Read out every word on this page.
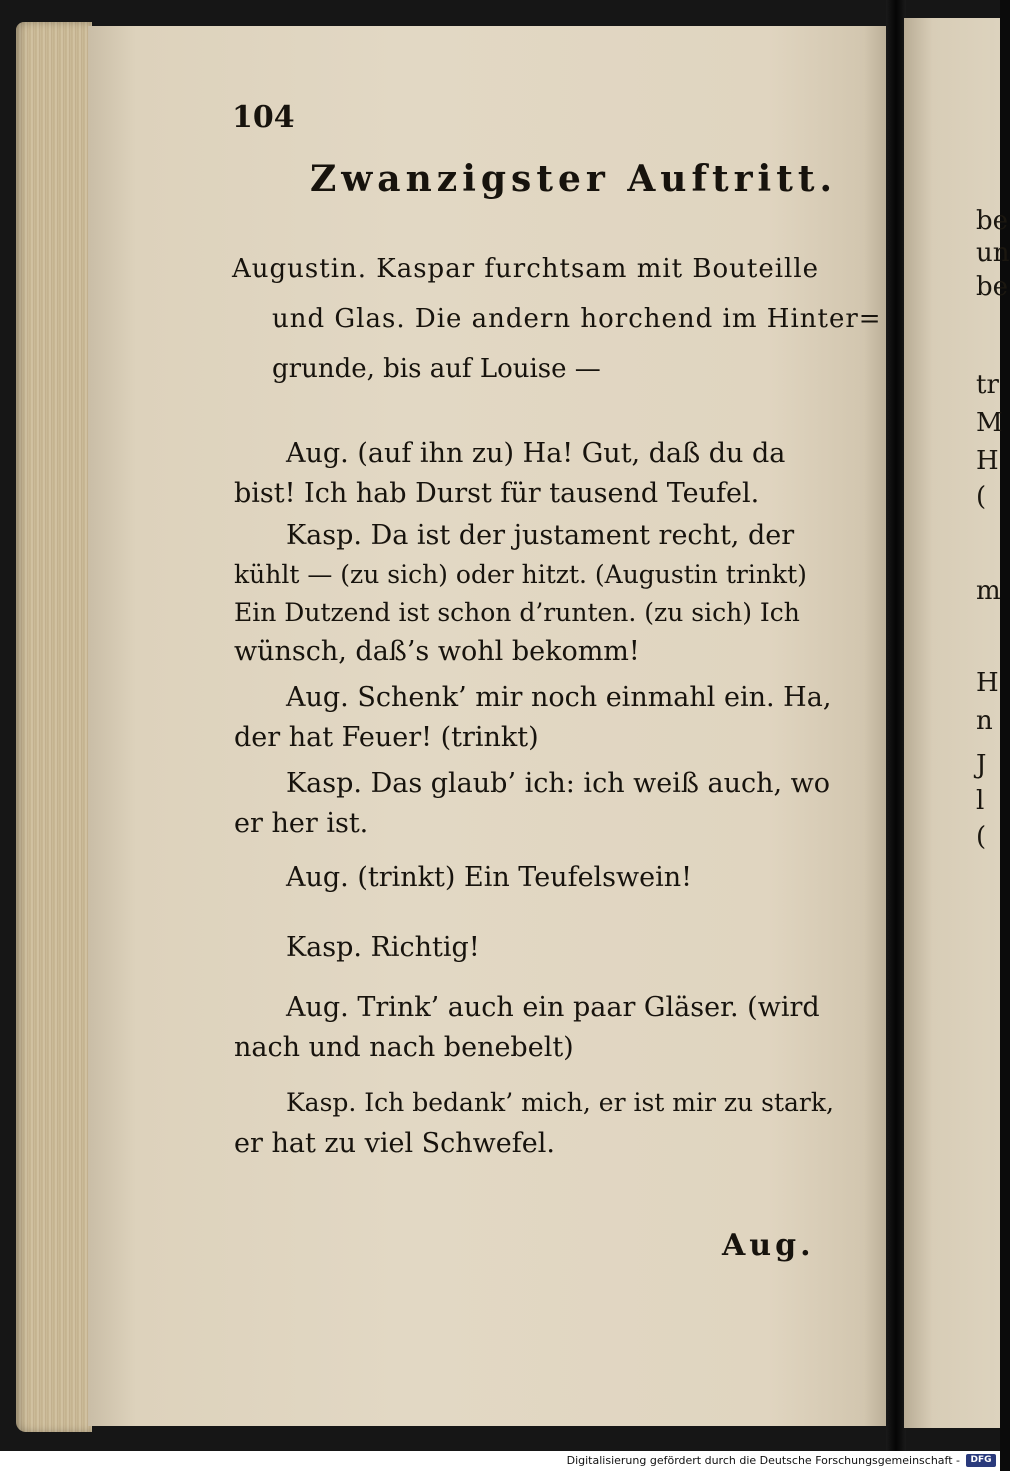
104
Zwanzigster Auftritt.
Augustin. Kaspar furchtsam mit Bouteille
und Glas. Die andern horchend im Hinter=
grunde, bis auf Louise —
Aug. (auf ihn zu) Ha! Gut, daß du da
bist! Ich hab Durst für tausend Teufel.
Kasp. Da ist der justament recht, der
kühlt — (zu sich) oder hitzt. (Augustin trinkt)
Ein Dutzend ist schon d’runten. (zu sich) Ich
wünsch, daß’s wohl bekomm!
Aug. Schenk’ mir noch einmahl ein. Ha,
der hat Feuer! (trinkt)
Kasp. Das glaub’ ich: ich weiß auch, wo
er her ist.
Aug. (trinkt) Ein Teufelswein!
Kasp. Richtig!
Aug. Trink’ auch ein paar Gläser. (wird
nach und nach benebelt)
Kasp. Ich bedank’ mich, er ist mir zu stark,
er hat zu viel Schwefel.
Aug.
be
un
be
tr
M
H
(
m
H
n
J
l
(
Digitalisierung gefördert durch die Deutsche Forschungsgemeinschaft -	DFG
